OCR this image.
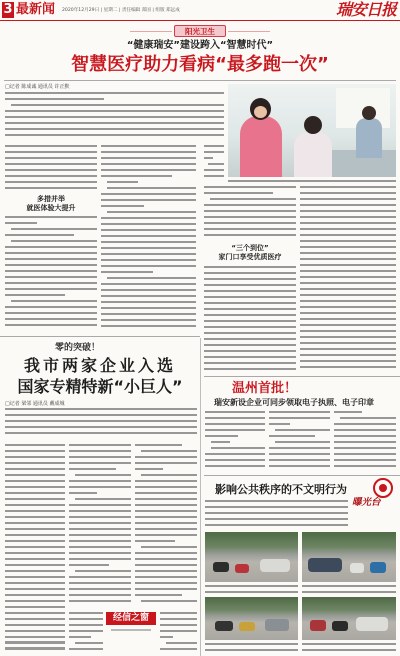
3 最新闻 2020年12月29日 | 星期二 | 责任编辑 郑国 | 组版 郑远成	瑞安日报
阳光卫生
“健康瑞安”建设跨入“智慧时代”
智慧医疗助力看病“最多跑一次”
□记者 陈成诚 通讯员 许正默
多措并举
就医体验大提升
“三个到位”
家门口享受优质医疗
零的突破！
我市两家企业入选
国家专精特新“小巨人”
□记者 梁邻 通讯员 戴成城
经信之窗
温州首批！
瑞安新设企业可同步领取电子执照、电子印章
影响公共秩序的不文明行为
曝光台
